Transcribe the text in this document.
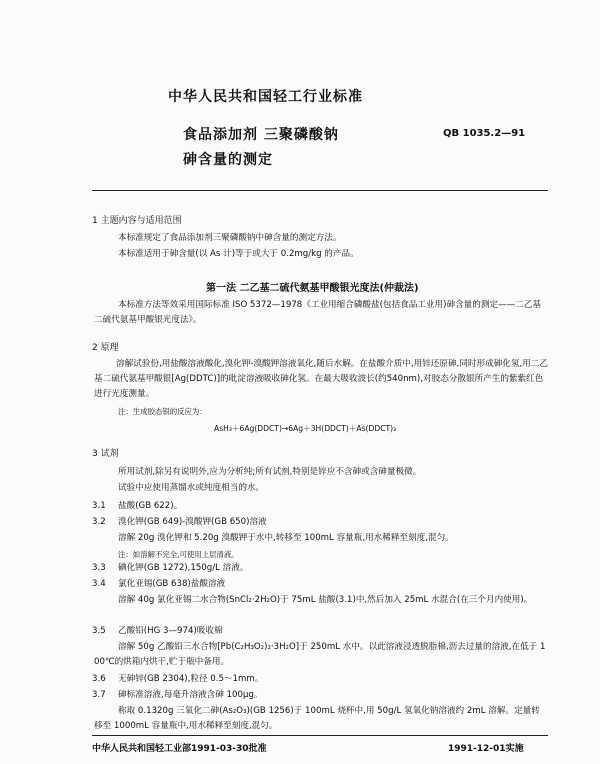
中华人民共和国轻工行业标准
食品添加剂 三聚磷酸钠
砷含量的测定
QB 1035.2—91
1 主题内容与适用范围
本标准规定了食品添加剂三聚磷酸钠中砷含量的测定方法。
本标准适用于砷含量(以 As 计)等于或大于 0.2mg/kg 的产品。
第一法 二乙基二硫代氨基甲酸银光度法(仲裁法)
本标准方法等效采用国际标准 ISO 5372—1978《工业用缩合磷酸盐(包括食品工业用)砷含量的测定——二乙基二硫代氨基甲酸银光度法》。
2 原理
溶解试验份,用盐酸溶液酸化,溴化钾-溴酸钾溶液氧化,随后水解。在盐酸介质中,用锌还原砷,同时形成砷化氢,用二乙基二硫代氨基甲酸银[Ag(DDTC)]的吡淀溶液吸收砷化氢。在最大吸收波长(约540nm),对胶态分散银所产生的紫紫红色进行光度测量。
注：生成胶态银的反应为：
AsH₃＋6Ag(DDCT)→6Ag＋3H(DDCT)＋As(DDCT)₃
3 试剂
所用试剂,除另有说明外,应为分析纯;所有试剂,特别是锌应不含砷或含砷量极微。
试验中应使用蒸馏水或纯度相当的水。
3.1 盐酸(GB 622)。
3.2 溴化钾(GB 649)-溴酸钾(GB 650)溶液
溶解 20g 溴化钾和 5.20g 溴酸钾于水中,转移至 100mL 容量瓶,用水稀释至刻度,混匀。
注：如溶解不完全,可使用上层清液。
3.3 碘化钾(GB 1272),150g/L 溶液。
3.4 氯化亚锡(GB 638)盐酸溶液
溶解 40g 氯化亚锡二水合物(SnCl₂·2H₂O)于 75mL 盐酸(3.1)中,然后加入 25mL 水混合(在三个月内使用)。
3.5 乙酸铅(HG 3—974)吸收棉
溶解 50g 乙酸铅三水合物[Pb(C₂H₃O₂)₂·3H₂O]于 250mL 水中。以此溶液浸透脱脂棉,沥去过量的溶液,在低于 100℃的烘箱内烘干,贮于瓶中备用。
3.6 无砷锌(GB 2304),粒径 0.5～1mm。
3.7 砷标准溶液,每毫升溶液含砷 100μg。
称取 0.1320g 三氧化二砷(As₂O₃)(GB 1256)于 100mL 烧杯中,用 50g/L 氢氧化钠溶液约 2mL 溶解。定量转移至 1000mL 容量瓶中,用水稀释至刻度,混匀。
中华人民共和国轻工业部1991-03-30批准	1991-12-01实施
